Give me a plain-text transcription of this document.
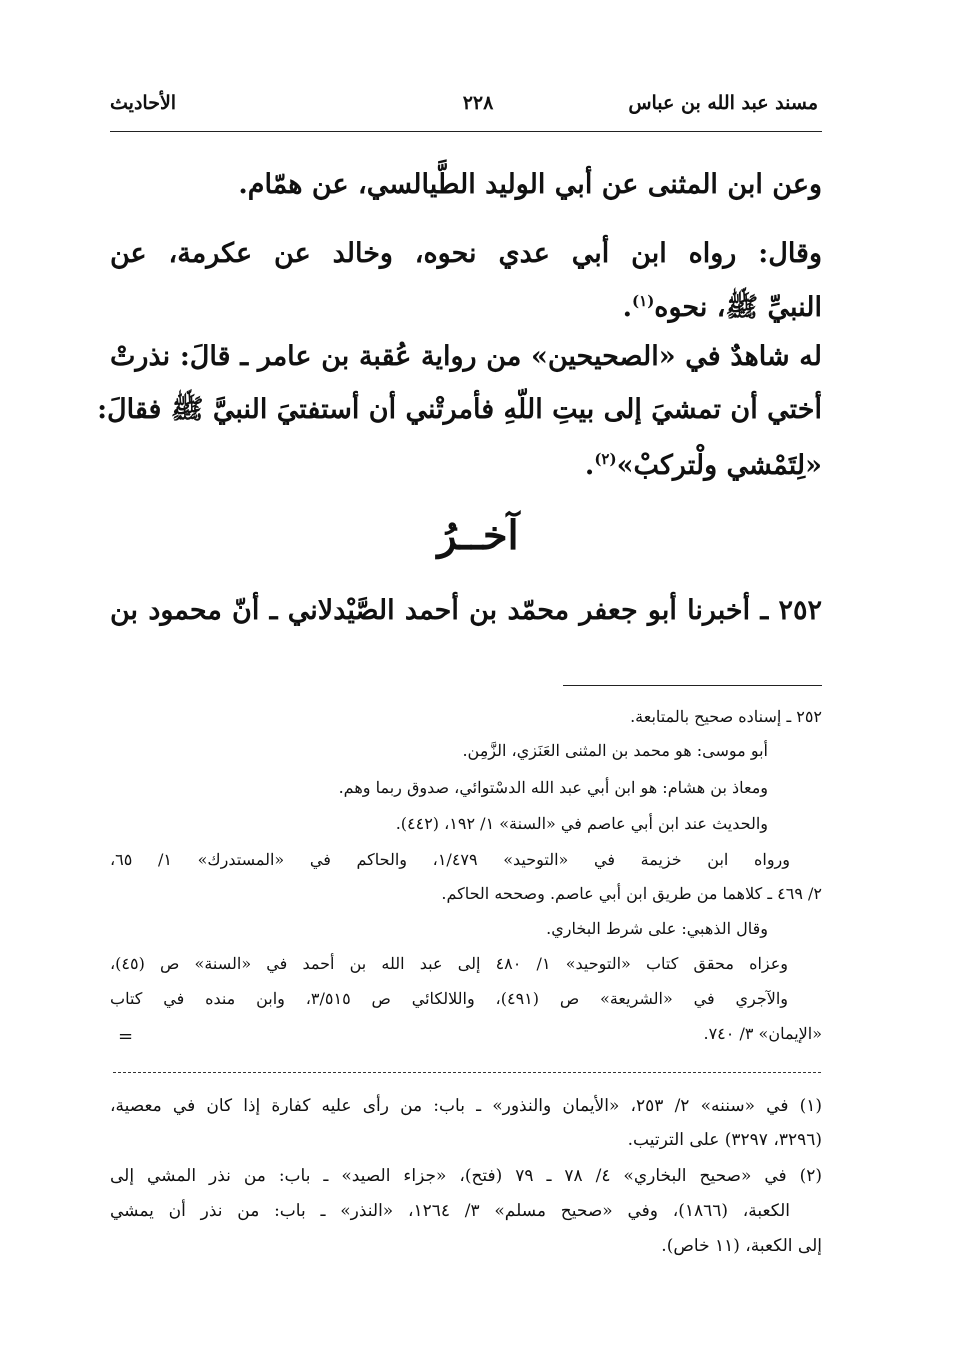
مسند عبد الله بن عباس
٢٢٨
الأحاديث
وعن ابن المثنى عن أبي الوليد الطَّيالسي، عن همّام.
وقال: رواه ابن أبي عدي نحوه، وخالد عن عكرمة، عن
النبيِّ ﷺ، نحوه$^{(١)}$.
له شاهدٌ في «الصحيحين» من رواية عُقبة بن عامر ـ قالَ: نذرتْ
أختي أن تمشيَ إلى بيتِ اللّهِ فأمرتْني أن أستفتيَ النبيَّ ﷺ فقالَ:
«لِتَمْشي ولْتركبْ»$^{(٢)}$.
آخــرُ
٢٥٢ ـ أخبرنا أبو جعفر محمّد بن أحمد الصَّيْدلاني ـ أنّ محمود بن
٢٥٢ ـ إسناده صحيح بالمتابعة.
أبو موسى: هو محمد بن المثنى العَنَزي، الزَّمِن.
ومعاذ بن هشام: هو ابن أبي عبد الله الدسْتوائي، صدوق ربما وهم.
والحديث عند ابن أبي عاصم في «السنة» ١/ ١٩٢، (٤٤٢).
ورواه ابن خزيمة في «التوحيد» ١/٤٧٩، والحاكم في «المستدرك» ١/ ٦٥،
٢/ ٤٦٩ ـ كلاهما من طريق ابن أبي عاصم. وصححه الحاكم.
وقال الذهبي: على شرط البخاري.
وعزاه محقق كتاب «التوحيد» ١/ ٤٨٠ إلى عبد الله بن أحمد في «السنة» ص (٤٥)،
والآجري في «الشريعة» ص (٤٩١)، واللالكائي ص ٣/٥١٥، وابن منده في كتاب
«الإيمان» ٣/ ٧٤٠.
=
(١) في «سننه» ٢/ ٢٥٣، «الأيمان والنذور» ـ باب: من رأى عليه كفارة إذا كان في معصية،
(٣٢٩٦، ٣٢٩٧) على الترتيب.
(٢) في «صحيح البخاري» ٤/ ٧٨ ـ ٧٩ (فتح)، «جزاء الصيد» ـ باب: من نذر المشي إلى
الكعبة، (١٨٦٦)، وفي «صحيح مسلم» ٣/ ١٢٦٤، «النذر» ـ باب: من نذر أن يمشي
إلى الكعبة، (١١ خاص).
